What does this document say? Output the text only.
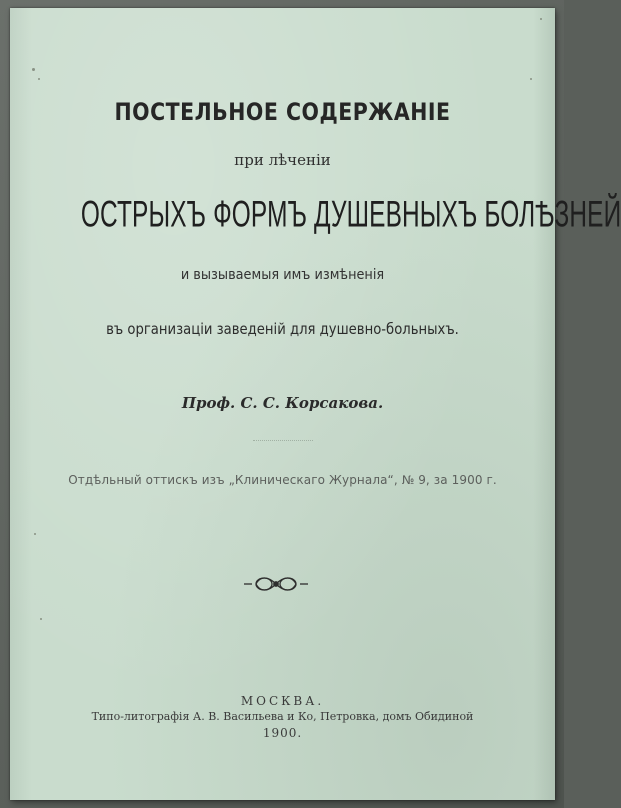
ПОСТЕЛЬНОЕ СОДЕРЖАНІЕ
при лѣченіи
ОСТРЫХЪ ФОРМЪ ДУШЕВНЫХЪ БОЛѢЗНЕЙ
и вызываемыя имъ измѣненія
въ организаціи заведеній для душевно-больныхъ.
Проф. С. С. Корсакова.
Отдѣльный оттискъ изъ „Клиническаго Журнала“, № 9, за 1900 г.
МОСКВА.
Типо-литографія А. В. Васильева и Ко, Петровка, домъ Обидиной
1900.
